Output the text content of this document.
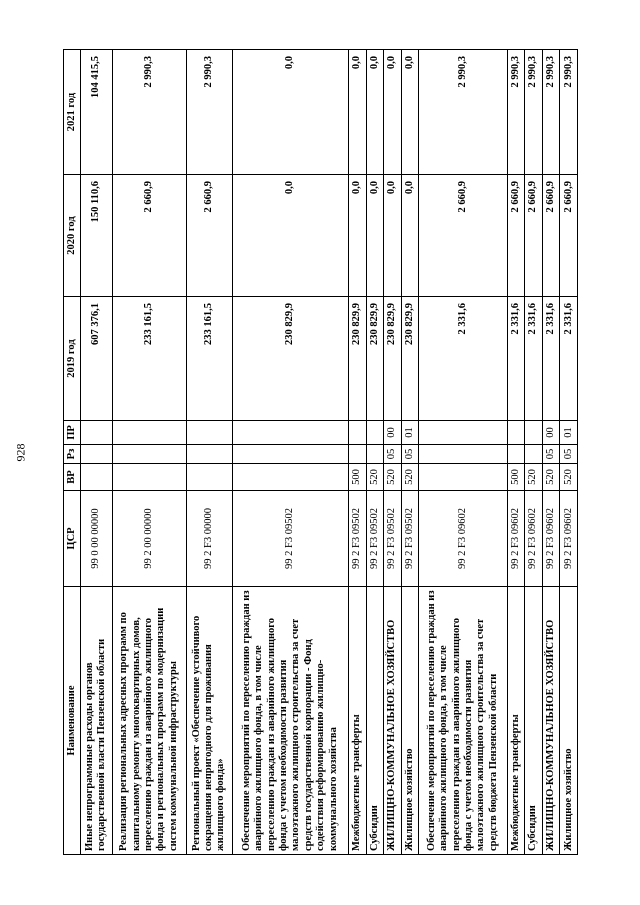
928
Наименование	ЦСР	ВР	Рз	ПР	2019 год	2020 год	2021 год
Иные непрограммные расходы органов государственной власти Пензенской области	99 0 00 00000				607 376,1	150 110,6	104 415,5
Реализация региональных адресных программ по капитальному ремонту многоквартирных домов, переселению граждан из аварийного жилищного фонда и региональных программ по модернизации систем коммунальной инфраструктуры	99 2 00 00000				233 161,5	2 660,9	2 990,3
Региональный проект «Обеспечение устойчивого сокращения непригодного для проживания жилищного фонда»	99 2 F3 00000				233 161,5	2 660,9	2 990,3
Обеспечение мероприятий по переселению граждан из аварийного жилищного фонда, в том числе переселению граждан из аварийного жилищного фонда с учетом необходимости развития малоэтажного жилищного строительства за счет средств государственной корпорации - Фонд содействия реформированию жилищно-коммунального хозяйства	99 2 F3 09502				230 829,9	0,0	0,0
Межбюджетные трансферты	99 2 F3 09502	500			230 829,9	0,0	0,0
Субсидии	99 2 F3 09502	520			230 829,9	0,0	0,0
ЖИЛИЩНО-КОММУНАЛЬНОЕ ХОЗЯЙСТВО	99 2 F3 09502	520	05	00	230 829,9	0,0	0,0
Жилищное хозяйство	99 2 F3 09502	520	05	01	230 829,9	0,0	0,0
Обеспечение мероприятий по переселению граждан из аварийного жилищного фонда, в том числе переселению граждан из аварийного жилищного фонда с учетом необходимости развития малоэтажного жилищного строительства за счет средств бюджета Пензенской области	99 2 F3 09602				2 331,6	2 660,9	2 990,3
Межбюджетные трансферты	99 2 F3 09602	500			2 331,6	2 660,9	2 990,3
Субсидии	99 2 F3 09602	520			2 331,6	2 660,9	2 990,3
ЖИЛИЩНО-КОММУНАЛЬНОЕ ХОЗЯЙСТВО	99 2 F3 09602	520	05	00	2 331,6	2 660,9	2 990,3
Жилищное хозяйство	99 2 F3 09602	520	05	01	2 331,6	2 660,9	2 990,3
